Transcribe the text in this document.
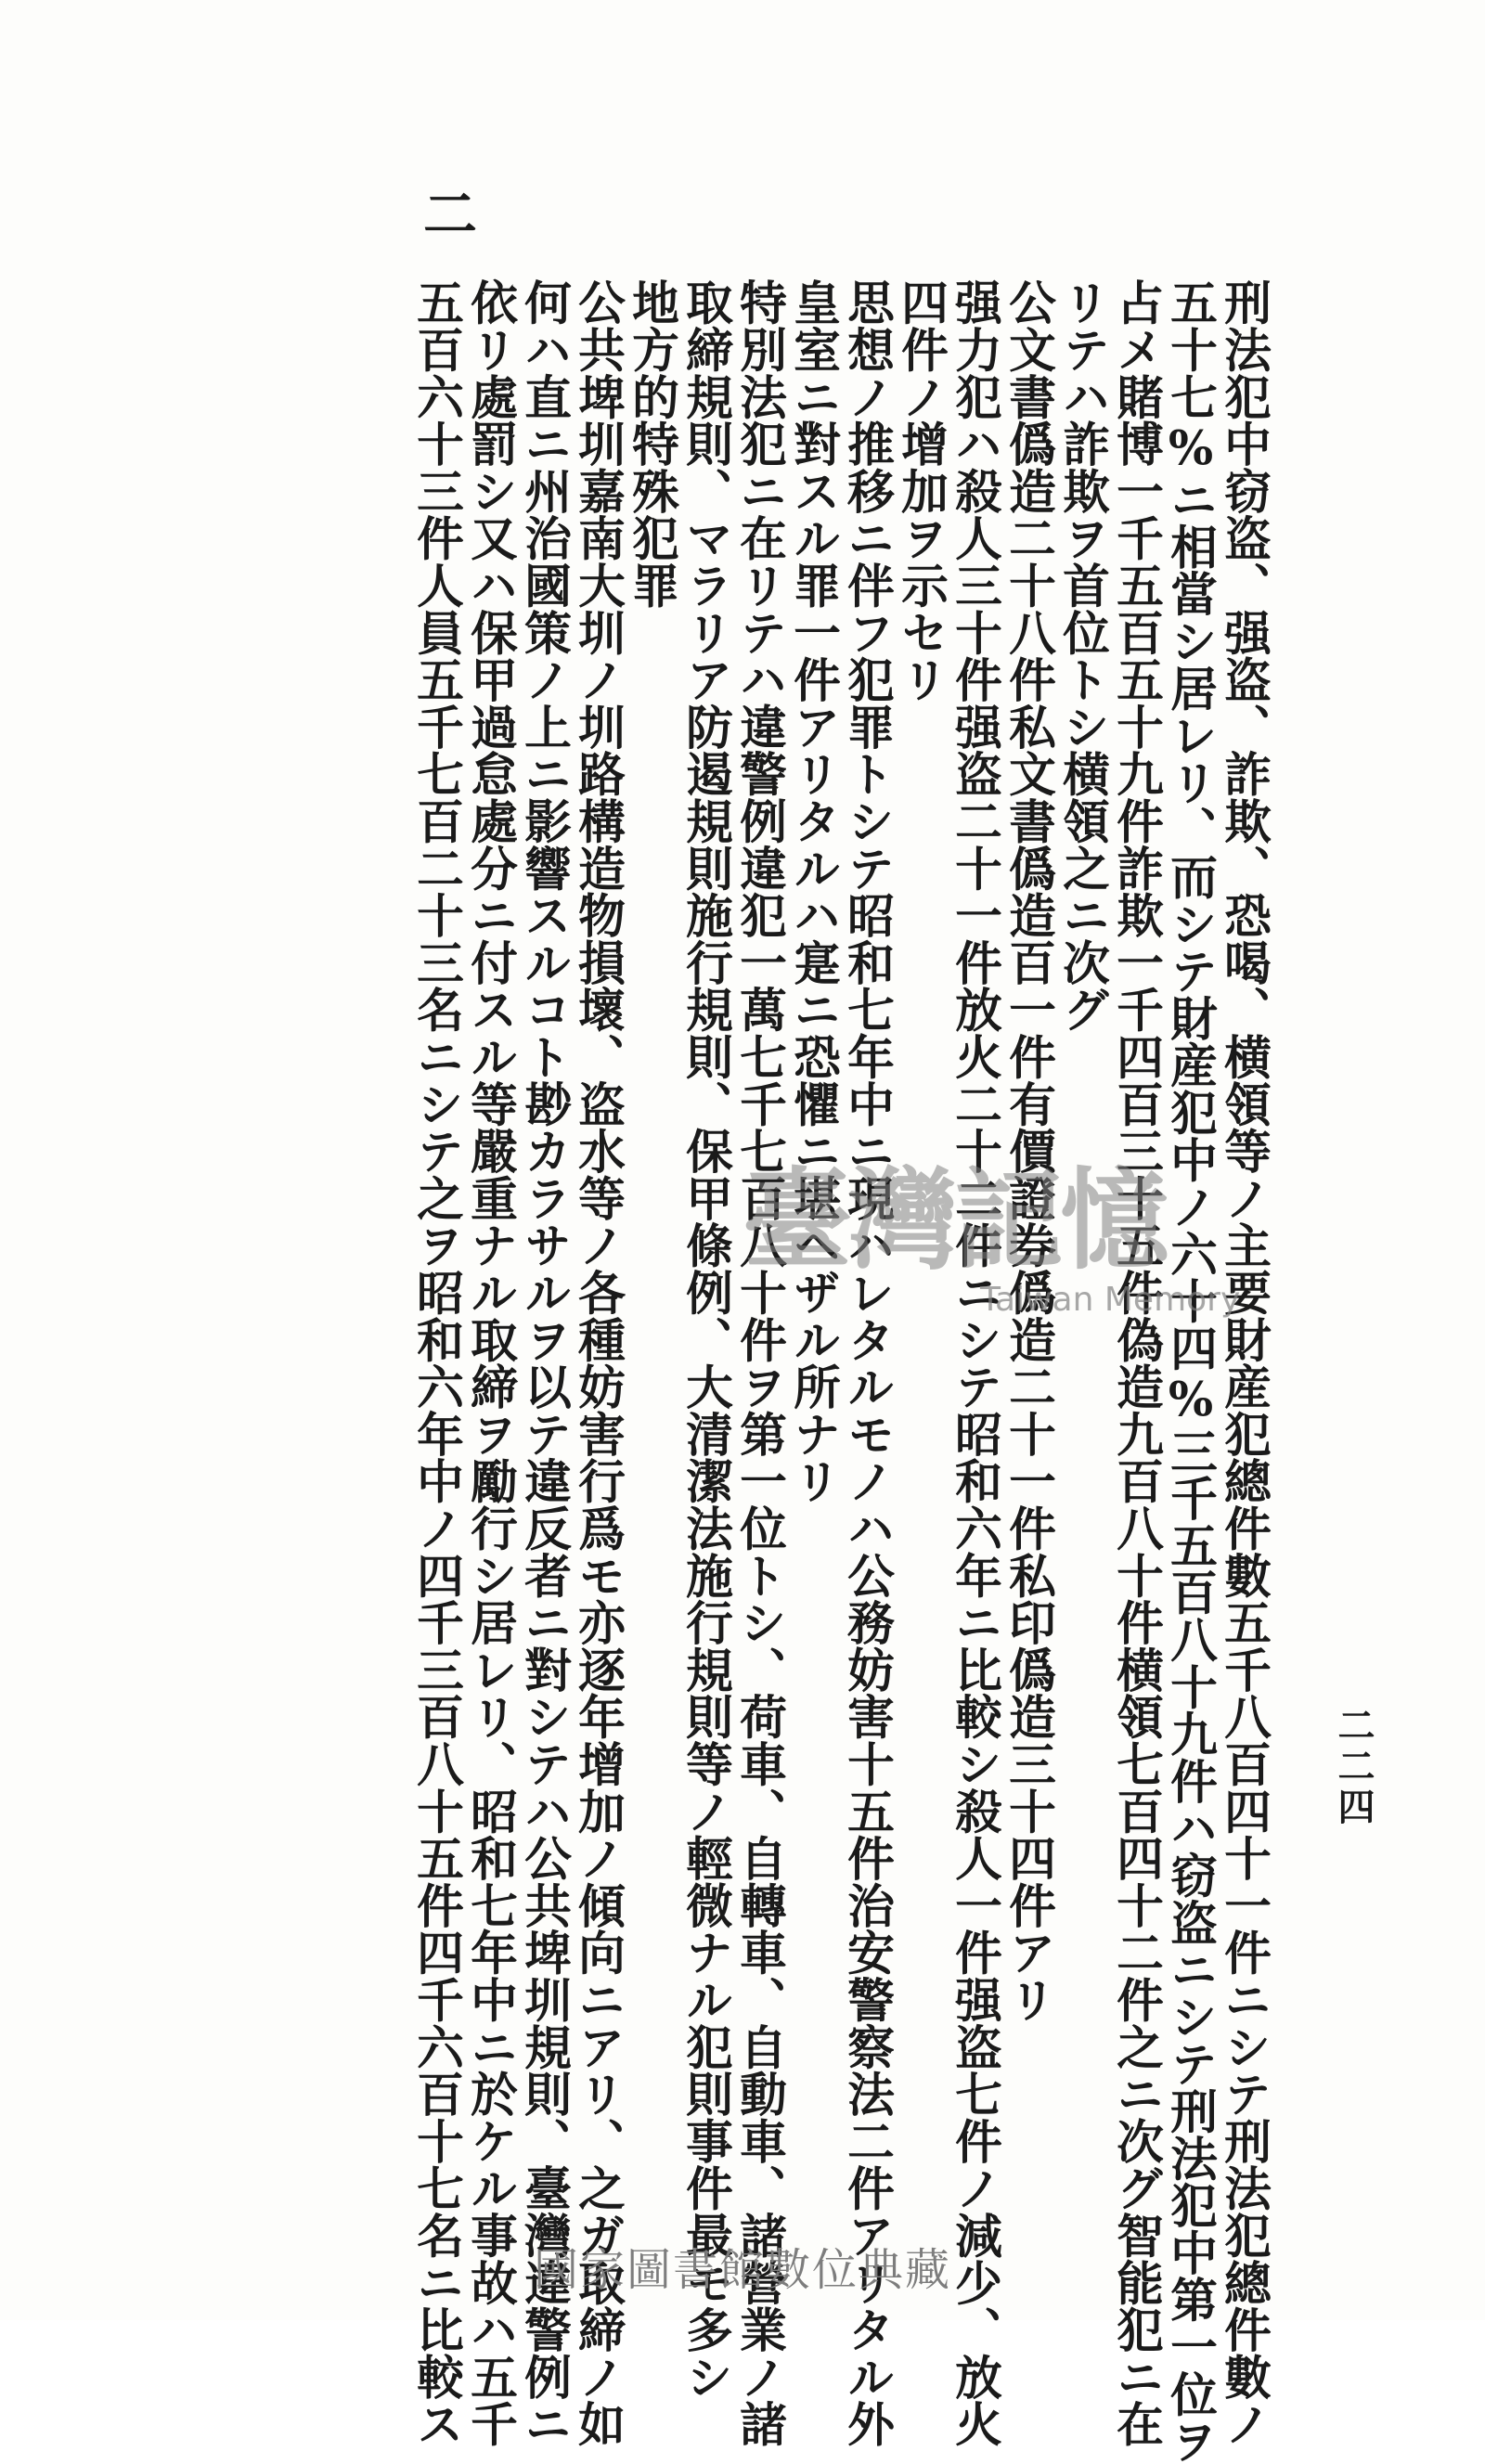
二二四
二
刑法犯中窃盗、强盗、詐欺、恐喝、横領等ノ主要財産犯總件數五千八百四十一件ニシテ刑法犯總件數ノ
五十七%ニ相當シ居レリ、而シテ財産犯中ノ六十四%三千五百八十九件ハ窃盗ニシテ刑法犯中第一位ヲ
占メ賭博一千五百五十九件詐欺一千四百三十五件偽造九百八十件横領七百四十二件之ニ次グ智能犯ニ在
リテハ詐欺ヲ首位トシ横領之ニ次グ
公文書僞造二十八件私文書僞造百一件有價證券僞造二十一件私印僞造三十四件アリ
强力犯ハ殺人三十件强盗二十一件放火二十二件ニシテ昭和六年ニ比較シ殺人一件强盗七件ノ減少、放火
四件ノ增加ヲ示セリ
思想ノ推移ニ伴フ犯罪トシテ昭和七年中ニ現ハレタルモノハ公務妨害十五件治安警察法二件アリタル外
皇室ニ對スル罪一件アリタルハ寔ニ恐懼ニ堪ヘザル所ナリ
特別法犯ニ在リテハ違警例違犯一萬七千七百八十件ヲ第一位トシ、荷車、自轉車、自動車、諸營業ノ諸
取締規則、マラリア防遏規則施行規則、保甲條例、大清潔法施行規則等ノ輕微ナル犯則事件最モ多シ
地方的特殊犯罪
公共埤圳嘉南大圳ノ圳路構造物損壞、盗水等ノ各種妨害行爲モ亦逐年增加ノ傾向ニアリ、之ガ取締ノ如
何ハ直ニ州治國策ノ上ニ影響スルコト尠カラサルヲ以テ違反者ニ對シテハ公共埤圳規則、臺灣違警例ニ
依リ處罰シ又ハ保甲過怠處分ニ付スル等嚴重ナル取締ヲ勵行シ居レリ、昭和七年中ニ於ケル事故ハ五千
五百六十三件人員五千七百二十三名ニシテ之ヲ昭和六年中ノ四千三百八十五件四千六百十七名ニ比較ス	臺灣記憶
Taiwan Memory
國家圖書館數位典藏
